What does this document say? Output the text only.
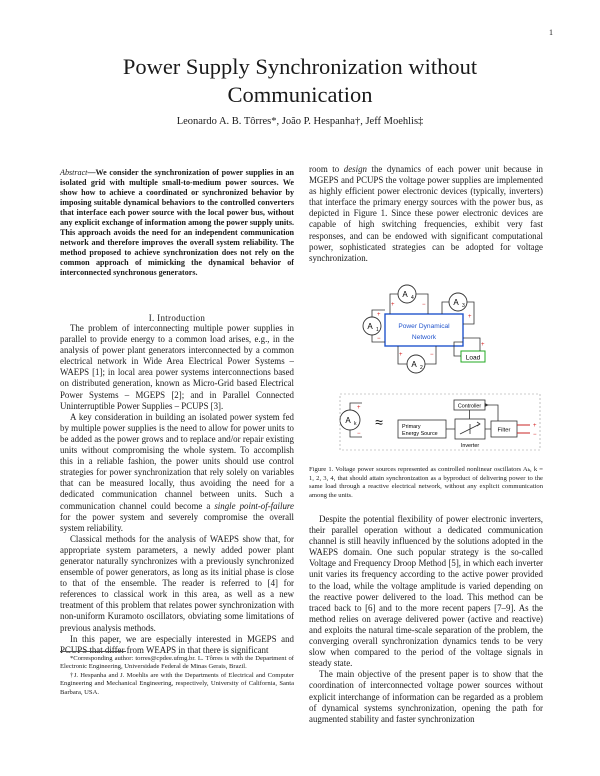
1
Power Supply Synchronization without Communication
Leonardo A. B. Tôrres*, João P. Hespanha†, Jeff Moehlis‡
Abstract—We consider the synchronization of power supplies in an isolated grid with multiple small-to-medium power sources. We show how to achieve a coordinated or synchronized behavior by imposing suitable dynamical behaviors to the controlled converters that interface each power source with the local power bus, without any explicit exchange of information among the power supply units. This approach avoids the need for an independent communication network and therefore improves the overall system reliability. The method proposed to achieve synchronization does not rely on the common approach of mimicking the dynamical behavior of interconnected synchronous generators.
I. Introduction

The problem of interconnecting multiple power supplies in parallel to provide energy to a common load arises, e.g., in the analysis of power plant generators interconnected by a common electrical network in Wide Area Electrical Power Systems – WAEPS [1]; in local area power systems interconnections based on distributed generation, known as Micro-Grid based Electrical Power Systems – MGEPS [2]; and in Parallel Connected Uninterruptible Power Supplies – PCUPS [3].

A key consideration in building an isolated power system fed by multiple power supplies is the need to allow for power units to be added as the power grows and to replace and/or repair existing units without compromising the whole system. To accomplish this in a reliable fashion, the power units should use control strategies for power synchronization that rely solely on variables that can be measured locally, thus avoiding the need for a dedicated communication channel between units. Such a communication channel could become a single point-of-failure for the power system and severely compromise the overall system reliability.

Classical methods for the analysis of WAEPS show that, for appropriate system parameters, a newly added power plant generator naturally synchronizes with a previously synchronized ensemble of power generators, as long as its initial phase is close to that of the ensemble. The reader is referred to [4] for references to classical work in this area, as well as a new treatment of this problem that relates power synchronization with non-uniform Kuramoto oscillators, obviating some limitations of previous analysis methods.

In this paper, we are especially interested in MGEPS and PCUPS that differ from WEAPS in that there is significant

*Corresponding author: torres@cpdee.ufmg.br. L. Tôrres is with the Department of Electronic Engineering, Universidade Federal de Minas Gerais, Brazil.

†J. Hespanha and J. Moehlis are with the Departments of Electrical and Computer Engineering and Mechanical Engineering, respectively, University of California, Santa Barbara, USA.

room to design the dynamics of each power unit because in MGEPS and PCUPS the voltage power supplies are implemented as highly efficient power electronic devices (typically, inverters) that interface the primary energy sources with the power bus, as depicted in Figure 1. Since these power electronic devices are capable of high switching frequencies, exhibit very fast responses, and can be endowed with significant computational power, sophisticated strategies can be adopted for voltage synchronization.

Power Dynamical
Network
A 4
+	−	A 3
+
A 1
+
−
A 2
+	−	Load
+
A k
+
−
≈
Controller
Primary
Energy Source
Inverter
Filter
+
−
Figure 1. Voltage power sources represented as controlled nonlinear oscillators Aₖ, k = 1, 2, 3, 4, that should attain synchronization as a byproduct of delivering power to the same load through a reactive electrical network, without any explicit communication among the units.

Despite the potential flexibility of power electronic inverters, their parallel operation without a dedicated communication channel is still heavily influenced by the solutions adopted in the WAEPS domain. One such popular strategy is the so-called Voltage and Frequency Droop Method [5], in which each inverter unit varies its frequency according to the active power provided to the load, while the voltage amplitude is varied depending on the reactive power delivered to the load. This method can be traced back to [6] and to the more recent papers [7–9]. As the method relies on average delivered power (active and reactive) and exploits the natural time-scale separation of the problem, the converging overall synchronization dynamics tends to be very slow when compared to the period of the voltage signals in steady state.

The main objective of the present paper is to show that the coordination of interconnected voltage power sources without explicit interchange of information can be regarded as a problem of dynamical systems synchronization, opening the path for augmented stability and faster synchronization
